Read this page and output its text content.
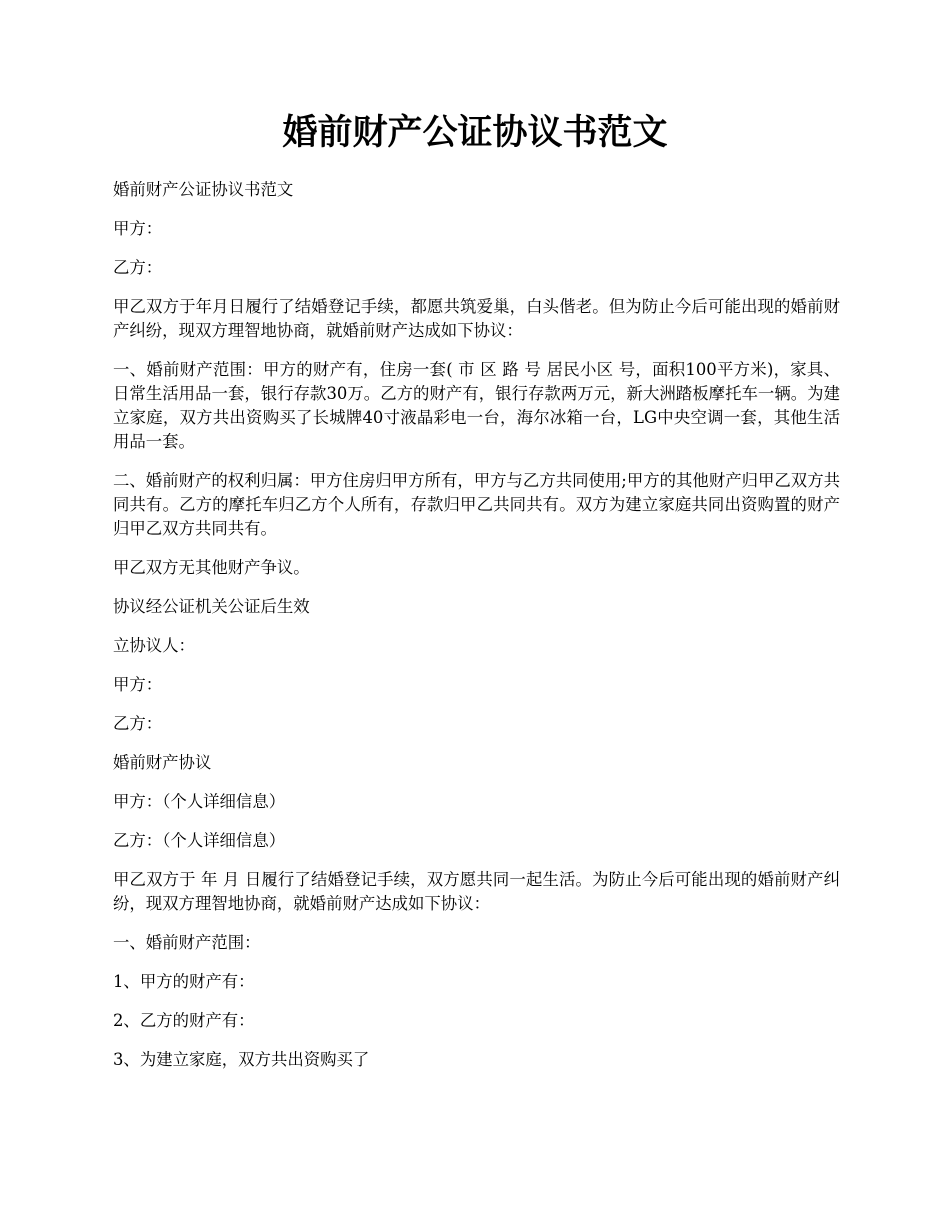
婚前财产公证协议书范文

婚前财产公证协议书范文

甲方：

乙方：

甲乙双方于年月日履行了结婚登记手续，都愿共筑爱巢，白头偕老。但为防止今后可能出现的婚前财产纠纷，现双方理智地协商，就婚前财产达成如下协议：

一、婚前财产范围：甲方的财产有，住房一套( 市 区 路 号 居民小区 号，面积100平方米)，家具、日常生活用品一套，银行存款30万。乙方的财产有，银行存款两万元，新大洲踏板摩托车一辆。为建立家庭，双方共出资购买了长城牌40寸液晶彩电一台，海尔冰箱一台，LG中央空调一套，其他生活用品一套。

二、婚前财产的权利归属：甲方住房归甲方所有，甲方与乙方共同使用;甲方的其他财产归甲乙双方共同共有。乙方的摩托车归乙方个人所有，存款归甲乙共同共有。双方为建立家庭共同出资购置的财产归甲乙双方共同共有。

甲乙双方无其他财产争议。

协议经公证机关公证后生效

立协议人：

甲方：

乙方：

婚前财产协议

甲方：（个人详细信息）

乙方：（个人详细信息）

甲乙双方于 年 月 日履行了结婚登记手续，双方愿共同一起生活。为防止今后可能出现的婚前财产纠纷，现双方理智地协商，就婚前财产达成如下协议：

一、婚前财产范围：

1、甲方的财产有：

2、乙方的财产有：

3、为建立家庭，双方共出资购买了
